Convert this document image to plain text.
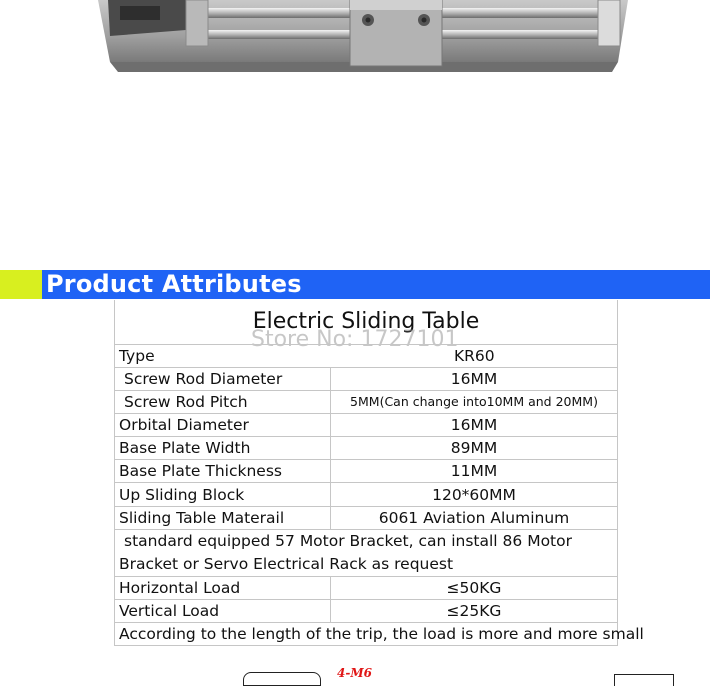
Product Attributes
Electric Sliding Table
Store No: 1727101
Type	KR60
Screw Rod Diameter	16MM
Screw Rod Pitch	5MM(Can change into10MM and 20MM)
Orbital Diameter	16MM
Base Plate Width	89MM
Base Plate Thickness	11MM
Up Sliding Block	120*60MM
Sliding Table Materail	6061 Aviation Aluminum
standard equipped 57 Motor Bracket, can install 86 Motor
Bracket or Servo Electrical Rack as request
Horizontal Load	≤50KG
Vertical Load	≤25KG
According to the length of the trip, the load is more and more small
4-M6
